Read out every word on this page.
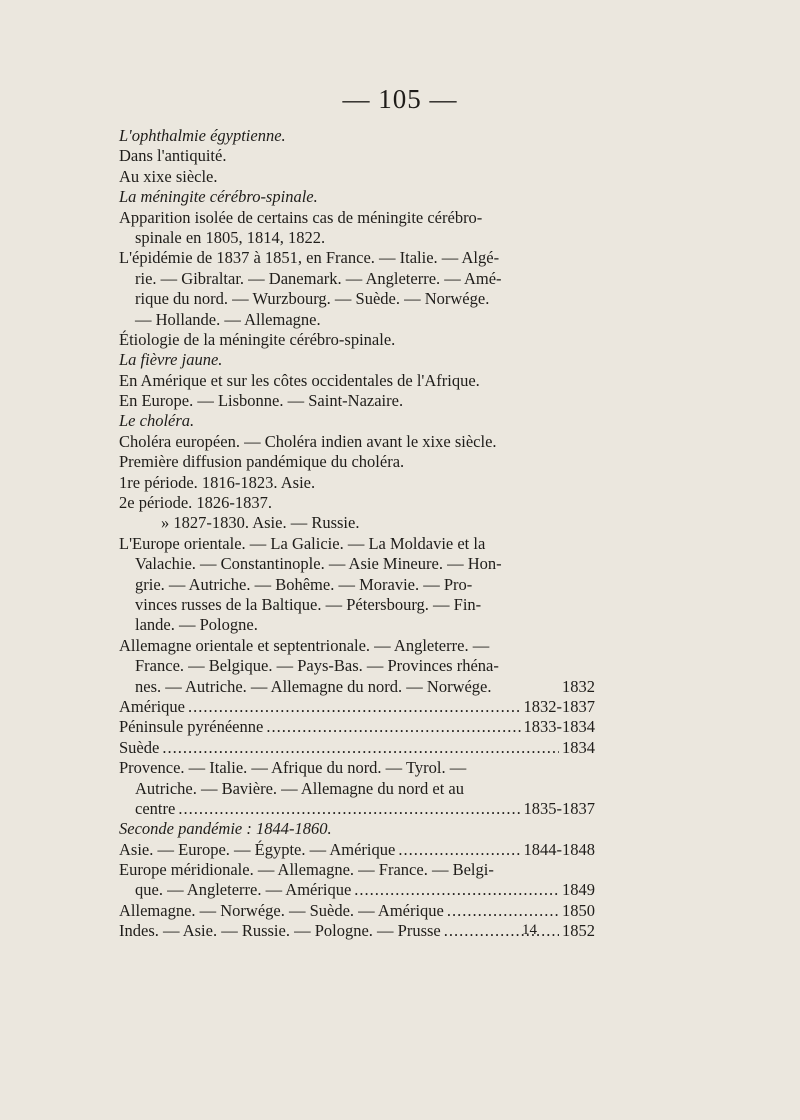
— 105 —
L'ophthalmie égyptienne.
Dans l'antiquité.
Au xixe siècle.
La méningite cérébro-spinale.
Apparition isolée de certains cas de méningite cérébro-
spinale en 1805, 1814, 1822.
L'épidémie de 1837 à 1851, en France. — Italie. — Algé-
rie. — Gibraltar. — Danemark. — Angleterre. — Amé-
rique du nord. — Wurzbourg. — Suède. — Norwége.
— Hollande. — Allemagne.
Étiologie de la méningite cérébro-spinale.
La fièvre jaune.
En Amérique et sur les côtes occidentales de l'Afrique.
En Europe. — Lisbonne. — Saint-Nazaire.
Le choléra.
Choléra européen. — Choléra indien avant le xixe siècle.
Première diffusion pandémique du choléra.
1re période. 1816-1823. Asie.
2e période. 1826-1837.
» 1827-1830. Asie. — Russie.
L'Europe orientale. — La Galicie. — La Moldavie et la
Valachie. — Constantinople. — Asie Mineure. — Hon-
grie. — Autriche. — Bohême. — Moravie. — Pro-
vinces russes de la Baltique. — Pétersbourg. — Fin-
lande. — Pologne.
Allemagne orientale et septentrionale. — Angleterre. —
France. — Belgique. — Pays-Bas. — Provinces rhéna-
nes. — Autriche. — Allemagne du nord. — Norwége.	1832
Amérique .....	1832-1837
Péninsule pyrénéenne .....	1833-1834
Suède .....	1834
Provence. — Italie. — Afrique du nord. — Tyrol. —
Autriche. — Bavière. — Allemagne du nord et au
centre .....	1835-1837
Seconde pandémie : 1844-1860.
Asie. — Europe. — Égypte. — Amérique .....	1844-1848
Europe méridionale. — Allemagne. — France. — Belgi-
que. — Angleterre. — Amérique .....	1849
Allemagne. — Norwége. — Suède. — Amérique .....	1850
Indes. — Asie. — Russie. — Pologne. — Prusse .....	1852
14
